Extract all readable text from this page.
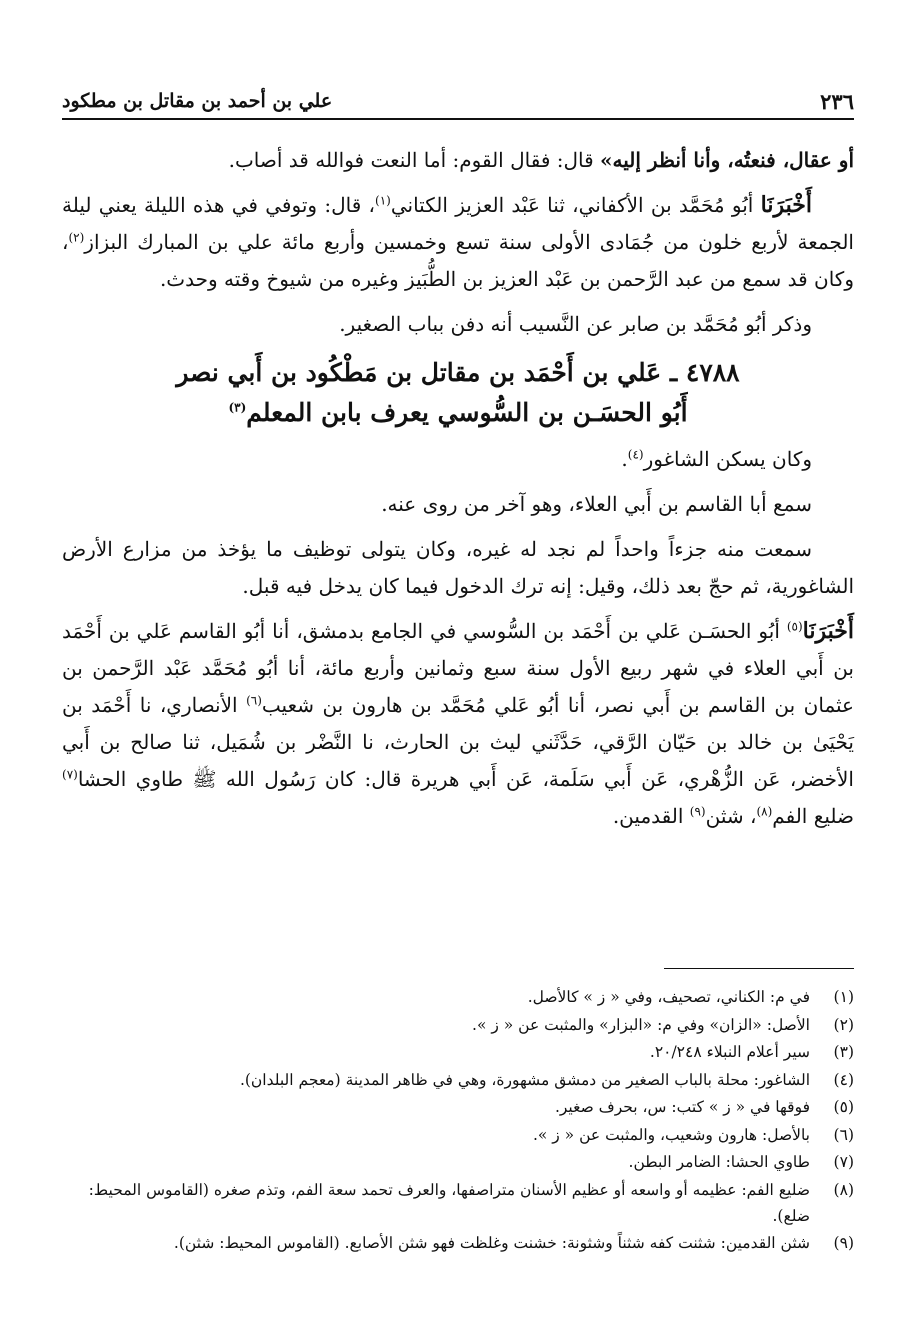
٢٣٦
علي بن أحمد بن مقاتل بن مطكود

أو عقال، فنعتُه، وأنا أنظر إليه» قال: فقال القوم: أما النعت فوالله قد أصاب.

أَخْبَرَنَا أبُو مُحَمَّد بن الأكفاني، ثنا عَبْد العزيز الكتاني$^{(١)}$، قال: وتوفي في هذه الليلة يعني ليلة الجمعة لأربع خلون من جُمَادى الأولى سنة تسع وخمسين وأربع مائة علي بن المبارك البزاز$^{(٢)}$، وكان قد سمع من عبد الرَّحمن بن عَبْد العزيز بن الطُّبَيز وغيره من شيوخ وقته وحدث.

وذكر أبُو مُحَمَّد بن صابر عن النَّسيب أنه دفن بباب الصغير.

٤٧٨٨ ـ عَلي بن أَحْمَد بن مقاتل بن مَطْكُود بن أَبي نصر
أَبُو الحسَـن بن السُّوسي يعرف بابن المعلم$^{(٣)}$

وكان يسكن الشاغور$^{(٤)}$.

سمع أبا القاسم بن أَبي العلاء، وهو آخر من روى عنه.

سمعت منه جزءاً واحداً لم نجد له غيره، وكان يتولى توظيف ما يؤخذ من مزارع الأرض الشاغورية، ثم حجّ بعد ذلك، وقيل: إنه ترك الدخول فيما كان يدخل فيه قبل.

أَخْبَرَنَا$^{(٥)}$ أبُو الحسَـن عَلي بن أَحْمَد بن السُّوسي في الجامع بدمشق، أنا أبُو القاسم عَلي بن أَحْمَد بن أَبي العلاء في شهر ربيع الأول سنة سبع وثمانين وأربع مائة، أنا أبُو مُحَمَّد عَبْد الرَّحمن بن عثمان بن القاسم بن أَبي نصر، أنا أبُو عَلي مُحَمَّد بن هارون بن شعيب$^{(٦)}$ الأنصاري، نا أَحْمَد بن يَحْيَىٰ بن خالد بن حَيّان الرَّقي، حَدَّثَني ليث بن الحارث، نا النَّضْر بن شُمَيل، ثنا صالح بن أَبي الأخضر، عَن الزُّهْري، عَن أَبي سَلَمة، عَن أَبي هريرة قال: كان رَسُول الله ﷺ طاوي الحشا$^{(٧)}$ ضليع الفم$^{(٨)}$، شثن$^{(٩)}$ القدمين.

(١)
في م: الكناني، تصحيف، وفي « ز » كالأصل.
(٢)
الأصل: «الزان» وفي م: «البزار» والمثبت عن « ز ».
(٣)
سير أعلام النبلاء ٢٠/٢٤٨.
(٤)
الشاغور: محلة بالباب الصغير من دمشق مشهورة، وهي في ظاهر المدينة (معجم البلدان).
(٥)
فوقها في « ز » كتب: س، بحرف صغير.
(٦)
بالأصل: هارون وشعيب، والمثبت عن « ز ».
(٧)
طاوي الحشا: الضامر البطن.
(٨)
ضليع الفم: عظيمه أو واسعه أو عظيم الأسنان متراصفها، والعرف تحمد سعة الفم، وتذم صغره (القاموس المحيط: ضلع).
(٩)
شثن القدمين: شثنت كفه شثناً وشثونة: خشنت وغلظت فهو شثن الأصابع. (القاموس المحيط: شثن).
